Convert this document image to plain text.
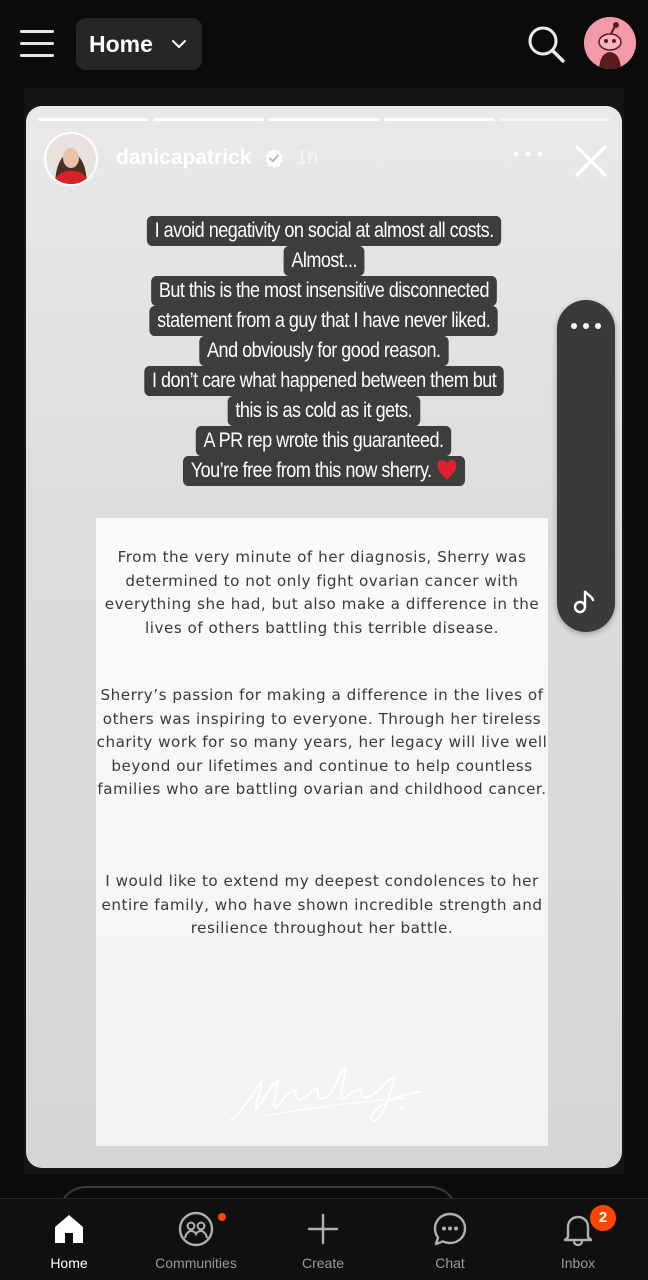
Home
danicapatrick 1h
I avoid negativity on social at almost all costs.
Almost...
But this is the most insensitive disconnected
statement from a guy that I have never liked.
And obviously for good reason.
I don’t care what happened between them but
this is as cold as it gets.
A PR rep wrote this guaranteed.
You’re free from this now sherry.

From the very minute of her diagnosis, Sherry was determined to not only fight ovarian cancer with everything she had, but also make a difference in the lives of others battling this terrible disease.

Sherry’s passion for making a difference in the lives of others was inspiring to everyone. Through her tireless charity work for so many years, her legacy will live well beyond our lifetimes and continue to help countless families who are battling ovarian and childhood cancer.

I would like to extend my deepest condolences to her entire family, who have shown incredible strength and resilience throughout her battle.

Home	Communities	Create	Chat	Inbox
2
